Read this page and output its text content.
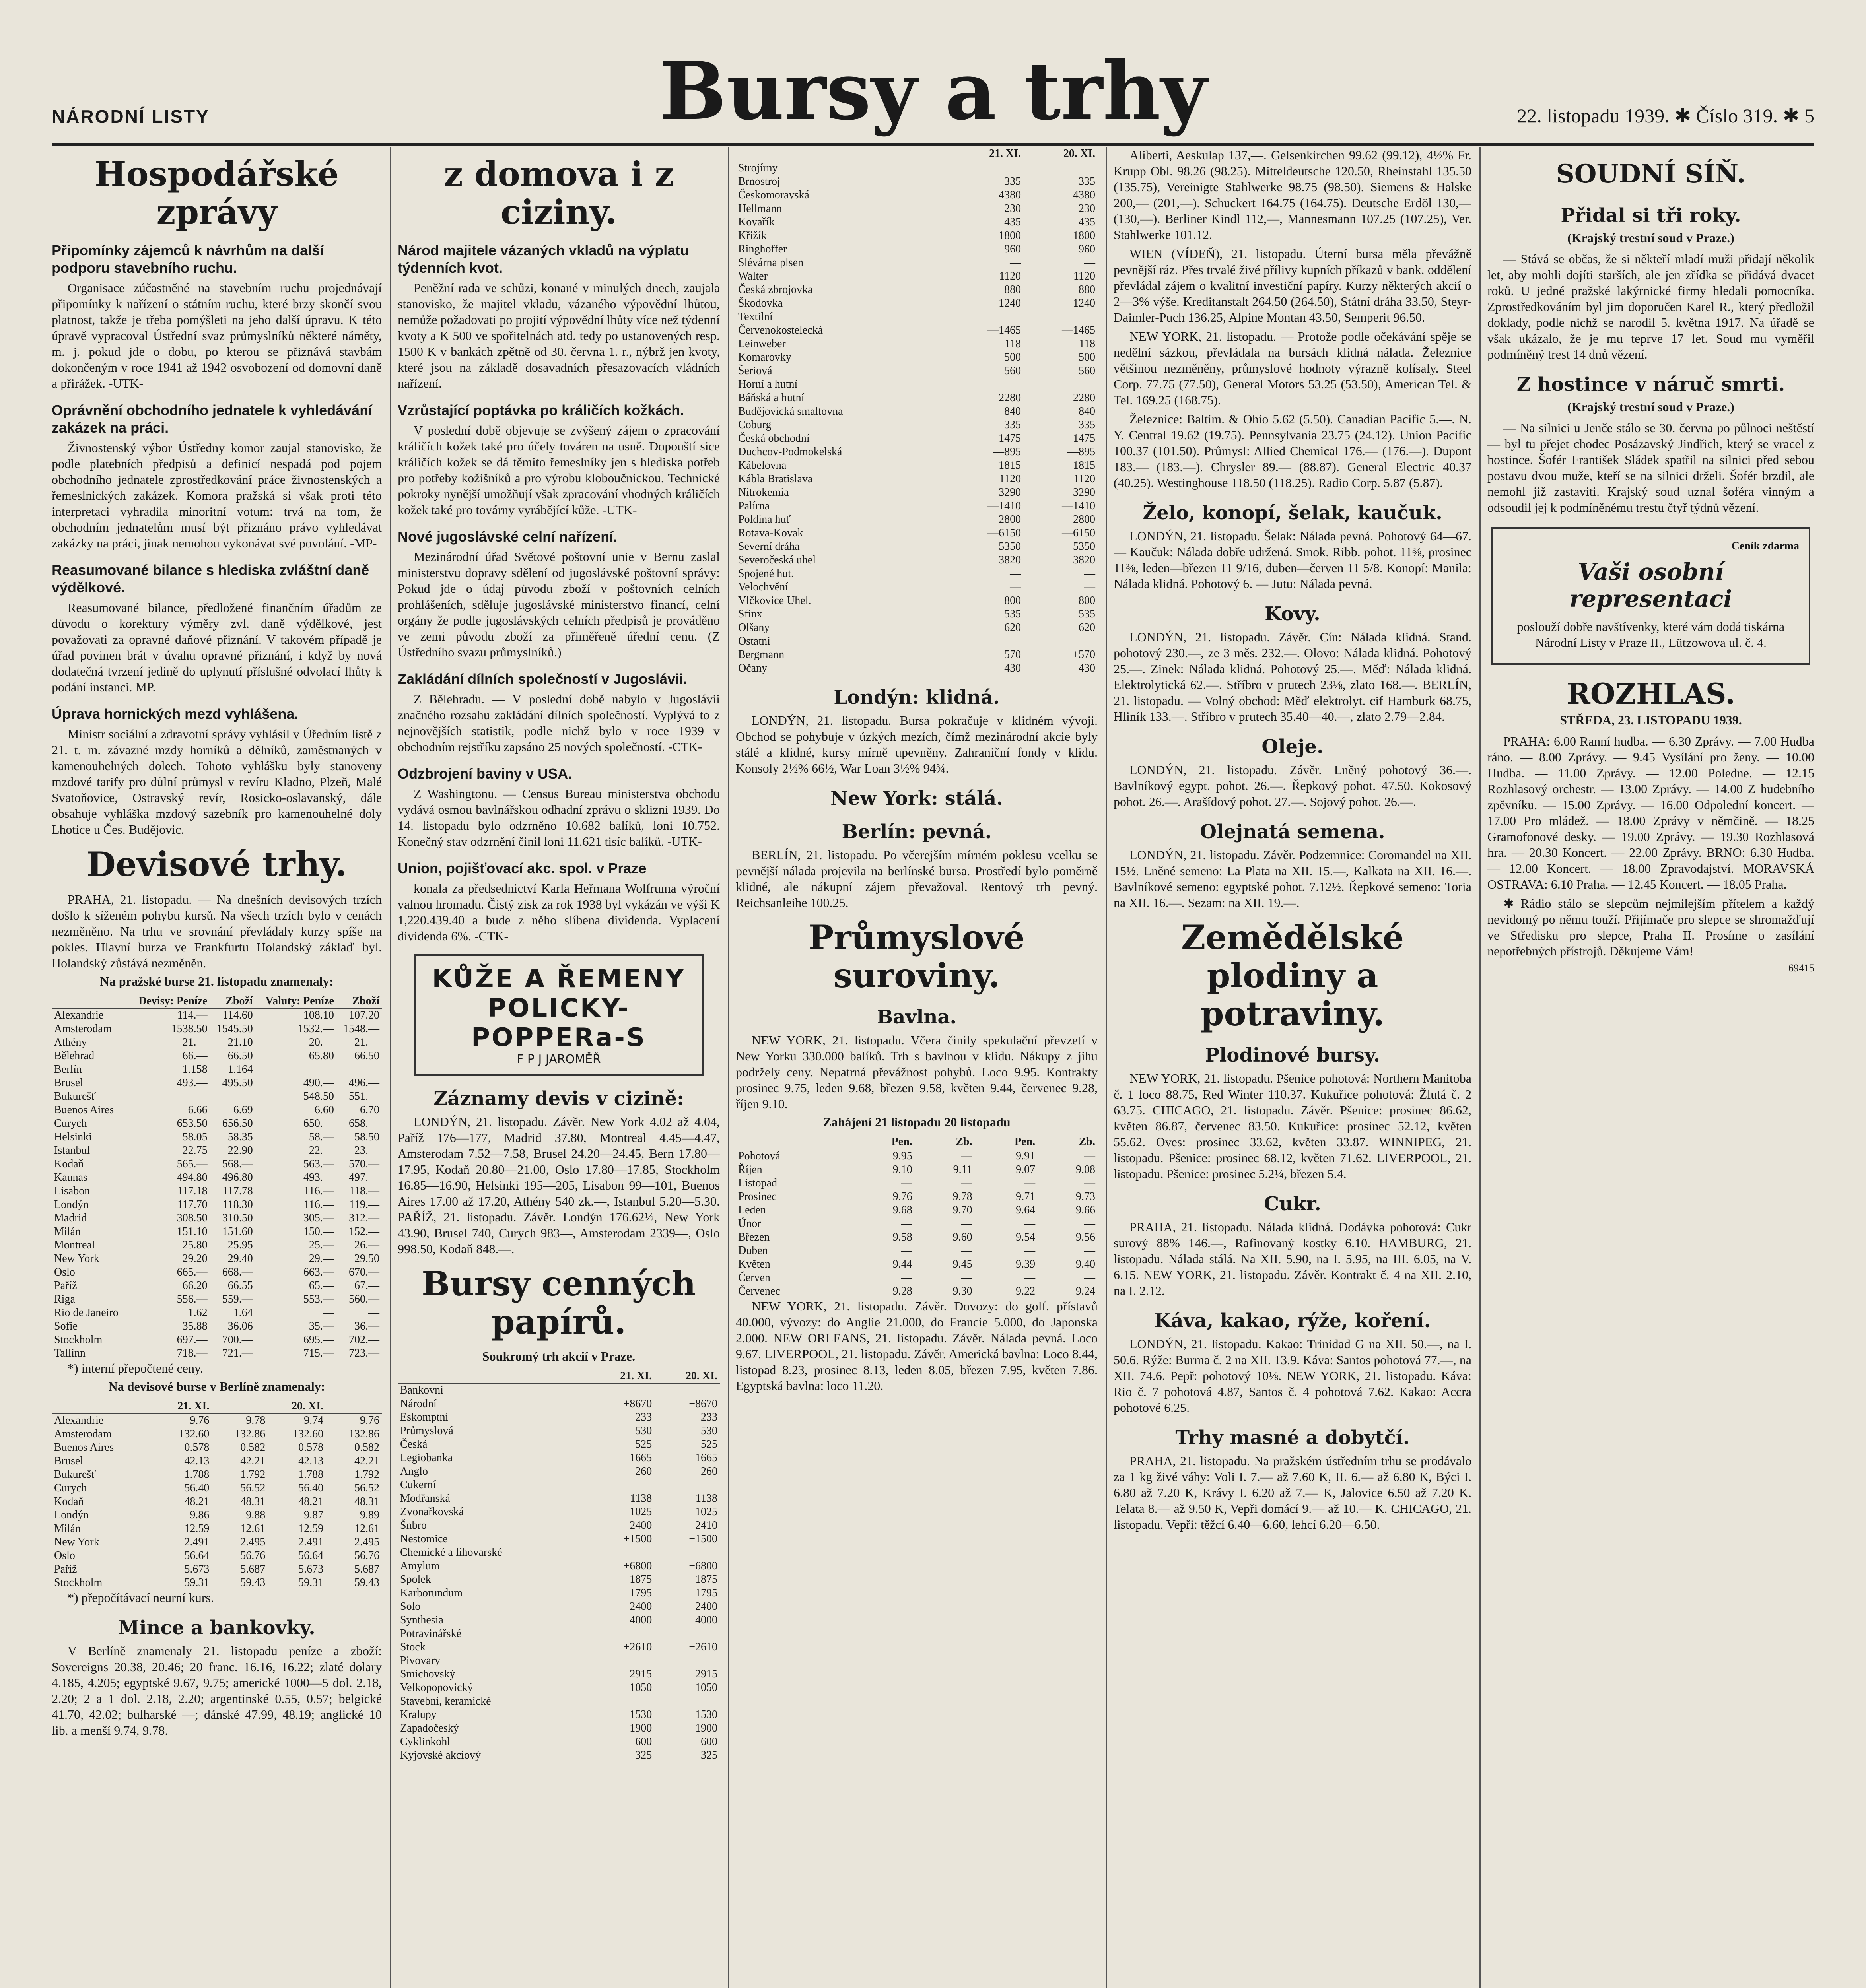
NÁRODNÍ LISTY	Bursy a trhy	22. listopadu 1939. ✱ Číslo 319. ✱ 5
Hospodářské zprávy
Připomínky zájemců k návrhům na další podporu stavebního ruchu.

Organisace zúčastněné na stavebním ruchu projednávají připomínky k nařízení o státním ruchu, které brzy skončí svou platnost, takže je třeba pomýšleti na jeho další úpravu. K této úpravě vypracoval Ústřední svaz průmyslníků některé náměty, m. j. pokud jde o dobu, po kterou se přiznává stavbám dokončeným v roce 1941 až 1942 osvobození od domovní daně a přirážek. -UTK-

Oprávnění obchodního jednatele k vyhledávání zakázek na práci.

Živnostenský výbor Ústředny komor zaujal stanovisko, že podle platebních předpisů a definicí nespadá pod pojem obchodního jednatele zprostředkování práce živnostenských a řemeslnických zakázek. Komora pražská si však proti této interpretaci vyhradila minoritní votum: trvá na tom, že obchodním jednatelům musí být přiznáno právo vyhledávat zakázky na práci, jinak nemohou vykonávat své povolání. -MP-

Reasumované bilance s hlediska zvláštní daně výdělkové.

Reasumované bilance, předložené finančním úřadům ze důvodu o korektury výměry zvl. daně výdělkové, jest považovati za opravné daňové přiznání. V takovém případě je úřad povinen brát v úvahu opravné přiznání, i když by nová dodatečná tvrzení jedině do uplynutí příslušné odvolací lhůty k podání instanci. MP.

Úprava hornických mezd vyhlášena.

Ministr sociální a zdravotní správy vyhlásil v Úředním listě z 21. t. m. závazné mzdy horníků a dělníků, zaměstnaných v kamenouhelných dolech. Tohoto vyhlášku byly stanoveny mzdové tarify pro důlní průmysl v revíru Kladno, Plzeň, Malé Svatoňovice, Ostravský revír, Rosicko-oslavanský, dále obsahuje vyhláška mzdový sazebník pro kamenouhelné doly Lhotice u Čes. Budějovic.

Devisové trhy.

PRAHA, 21. listopadu. — Na dnešních devisových trzích došlo k síženém pohybu kursů. Na všech trzích bylo v cenách nezměněno. Na trhu ve srovnání převládaly kurzy spíše na pokles. Hlavní burza ve Frankfurtu Holandský záklaď byl. Holandský zůstává nezměněn.

Na pražské burse 21. listopadu znamenaly:
	Devisy: Peníze	Zboží	Valuty: Peníze	Zboží
Alexandrie	114.—	114.60	108.10	107.20
Amsterodam	1538.50	1545.50	1532.—	1548.—
Athény	21.—	21.10	20.—	21.—
Bělehrad	66.—	66.50	65.80	66.50
Berlín	1.158	1.164	—	—
Brusel	493.—	495.50	490.—	496.—
Bukurešť	—	—	548.50	551.—
Buenos Aires	6.66	6.69	6.60	6.70
Curych	653.50	656.50	650.—	658.—
Helsinki	58.05	58.35	58.—	58.50
Istanbul	22.75	22.90	22.—	23.—
Kodaň	565.—	568.—	563.—	570.—
Kaunas	494.80	496.80	493.—	497.—
Lisabon	117.18	117.78	116.—	118.—
Londýn	117.70	118.30	116.—	119.—
Madrid	308.50	310.50	305.—	312.—
Milán	151.10	151.60	150.—	152.—
Montreal	25.80	25.95	25.—	26.—
New York	29.20	29.40	29.—	29.50
Oslo	665.—	668.—	663.—	670.—
Paříž	66.20	66.55	65.—	67.—
Riga	556.—	559.—	553.—	560.—
Rio de Janeiro	1.62	1.64	—	—
Sofie	35.88	36.06	35.—	36.—
Stockholm	697.—	700.—	695.—	702.—
Tallinn	718.—	721.—	715.—	723.—

*) interní přepočtené ceny.

Na devisové burse v Berlíně znamenaly:
	21. XI.		20. XI.	
Alexandrie	9.76	9.78	9.74	9.76
Amsterodam	132.60	132.86	132.60	132.86
Buenos Aires	0.578	0.582	0.578	0.582
Brusel	42.13	42.21	42.13	42.21
Bukurešť	1.788	1.792	1.788	1.792
Curych	56.40	56.52	56.40	56.52
Kodaň	48.21	48.31	48.21	48.31
Londýn	9.86	9.88	9.87	9.89
Milán	12.59	12.61	12.59	12.61
New York	2.491	2.495	2.491	2.495
Oslo	56.64	56.76	56.64	56.76
Paříž	5.673	5.687	5.673	5.687
Stockholm	59.31	59.43	59.31	59.43

*) přepočítávací neurní kurs.

Mince a bankovky.

V Berlíně znamenaly 21. listopadu peníze a zboží: Sovereigns 20.38, 20.46; 20 franc. 16.16, 16.22; zlaté dolary 4.185, 4.205; egyptské 9.67, 9.75; americké 1000—5 dol. 2.18, 2.20; 2 a 1 dol. 2.18, 2.20; argentinské 0.55, 0.57; belgické 41.70, 42.02; bulharské —; dánské 47.99, 48.19; anglické 10 lib. a menší 9.74, 9.78.

z domova i z ciziny.
Národ majitele vázaných vkladů na výplatu týdenních kvot.

Peněžní rada ve schůzi, konané v minulých dnech, zaujala stanovisko, že majitel vkladu, vázaného výpovědní lhůtou, nemůže požadovati po projití výpovědní lhůty více než týdenní kvoty a K 500 ve spořitelnách atd. tedy po ustanovených resp. 1500 K v bankách zpětně od 30. června 1. r., nýbrž jen kvoty, které jsou na základě dosavadních přesazovacích vládních nařízení.

Vzrůstající poptávka po králičích kožkách.

V poslední době objevuje se zvýšený zájem o zpracování králičích kožek také pro účely továren na usně. Dopouští sice králičích kožek se dá těmito řemeslníky jen s hlediska potřeb pro potřeby kožišníků a pro výrobu kloboučnickou. Technické pokroky nynější umožňují však zpracování vhodných králičích kožek také pro továrny vyrábějící kůže. -UTK-

Nové jugoslávské celní nařízení.

Mezinárodní úřad Světové poštovní unie v Bernu zaslal ministerstvu dopravy sdělení od jugoslávské poštovní správy: Pokud jde o údaj původu zboží v poštovních celních prohlášeních, sděluje jugoslávské ministerstvo financí, celní orgány že podle jugoslávských celních předpisů je prováděno ve zemi původu zboží za přiměřeně úřední cenu. (Z Ústředního svazu průmyslníků.)

Zakládání dílních společností v Jugoslávii.

Z Bělehradu. — V poslední době nabylo v Jugoslávii značného rozsahu zakládání dílních společností. Vyplývá to z nejnovějších statistik, podle nichž bylo v roce 1939 v obchodním rejstříku zapsáno 25 nových společností. -CTK-

Odzbrojení baviny v USA.

Z Washingtonu. — Census Bureau ministerstva obchodu vydává osmou bavlnářskou odhadní zprávu o sklizni 1939. Do 14. listopadu bylo odzrněno 10.682 balíků, loni 10.752. Konečný stav odzrnění činil loni 11.621 tisíc balíků. -UTK-

Union, pojišťovací akc. spol. v Praze

konala za předsednictví Karla Heřmana Wolfruma výroční valnou hromadu. Čistý zisk za rok 1938 byl vykázán ve výši K 1,220.439.40 a bude z něho slíbena dividenda. Vyplacení dividenda 6%. -CTK-

KŮŽE A ŘEMENY
POLICKY-
POPPERa-S
F P J JAROMĚŘ
Záznamy devis v cizině:

LONDÝN, 21. listopadu. Závěr. New York 4.02 až 4.04, Paříž 176—177, Madrid 37.80, Montreal 4.45—4.47, Amsterodam 7.52—7.58, Brusel 24.20—24.45, Bern 17.80—17.95, Kodaň 20.80—21.00, Oslo 17.80—17.85, Stockholm 16.85—16.90, Helsinki 195—205, Lisabon 99—101, Buenos Aires 17.00 až 17.20, Athény 540 zk.—, Istanbul 5.20—5.30. PAŘÍŽ, 21. listopadu. Závěr. Londýn 176.62½, New York 43.90, Brusel 740, Curych 983—, Amsterodam 2339—, Oslo 998.50, Kodaň 848.—.

Bursy cenných papírů.
Soukromý trh akcií v Praze.
	21. XI.	20. XI.
Bankovní		
Národní	+8670	+8670
Eskomptní	233	233
Průmyslová	530	530
Česká	525	525
Legiobanka	1665	1665
Anglo	260	260
Cukerní		
Modřanská	1138	1138
Zvonařkovská	1025	1025
Šnbro	2400	2410
Nestomice	+1500	+1500
Chemické a lihovarské		
Amylum	+6800	+6800
Spolek	1875	1875
Karborundum	1795	1795
Solo	2400	2400
Synthesia	4000	4000
Potravinářské		
Stock	+2610	+2610
Pivovary		
Smíchovský	2915	2915
Velkopopovický	1050	1050
Stavební, keramické		
Kralupy	1530	1530
Zapadočeský	1900	1900
Cyklinkohl	600	600
Kyjovské akciový	325	325
	21. XI.	20. XI.
Strojírny		
Brnostroj	335	335
Českomoravská	4380	4380
Hellmann	230	230
Kovařík	435	435
Křižík	1800	1800
Ringhoffer	960	960
Slévárna plsen	—	—
Walter	1120	1120
Česká zbrojovka	880	880
Škodovka	1240	1240
Textilní		
Červenokostelecká	—1465	—1465
Leinweber	118	118
Komarovky	500	500
Šeriová	560	560
Horní a hutní		
Báňská a hutní	2280	2280
Budějovická smaltovna	840	840
Coburg	335	335
Česká obchodní	—1475	—1475
Duchcov-Podmokelská	—895	—895
Kábelovna	1815	1815
Kábla Bratislava	1120	1120
Nitrokemia	3290	3290
Palírna	—1410	—1410
Poldina huť	2800	2800
Rotava-Kovak	—6150	—6150
Severní dráha	5350	5350
Severočeská uhel	3820	3820
Spojené hut.	—	—
Velochvění	—	—
Vlčkovice Uhel.	800	800
Sfinx	535	535
Olšany	620	620
Ostatní		
Bergmann	+570	+570
Očany	430	430
Londýn: klidná.

LONDÝN, 21. listopadu. Bursa pokračuje v klidném vývoji. Obchod se pohybuje v úzkých mezích, čímž mezinárodní akcie byly stálé a klidné, kursy mírně upevněny. Zahraniční fondy v klidu. Konsoly 2½% 66½, War Loan 3½% 94¾.

New York: stálá.
Berlín: pevná.

BERLÍN, 21. listopadu. Po včerejším mírném poklesu vcelku se pevnější nálada projevila na berlínské bursa. Prostředí bylo poměrně klidné, ale nákupní zájem převažoval. Rentový trh pevný. Reichsanleihe 100.25.

Průmyslové suroviny.
Bavlna.

NEW YORK, 21. listopadu. Včera činily spekulační převzetí v New Yorku 330.000 balíků. Trh s bavlnou v klidu. Nákupy z jihu podržely ceny. Nepatrná převážnost pohybů. Loco 9.95. Kontrakty prosinec 9.75, leden 9.68, březen 9.58, květen 9.44, červenec 9.28, říjen 9.10.

Zahájení 21 listopadu 20 listopadu
	Pen.	Zb.	Pen.	Zb.
Pohotová	9.95	—	9.91	—
Říjen	9.10	9.11	9.07	9.08
Listopad	—	—	—	—
Prosinec	9.76	9.78	9.71	9.73
Leden	9.68	9.70	9.64	9.66
Únor	—	—	—	—
Březen	9.58	9.60	9.54	9.56
Duben	—	—	—	—
Květen	9.44	9.45	9.39	9.40
Červen	—	—	—	—
Červenec	9.28	9.30	9.22	9.24

NEW YORK, 21. listopadu. Závěr. Dovozy: do golf. přístavů 40.000, vývozy: do Anglie 21.000, do Francie 5.000, do Japonska 2.000. NEW ORLEANS, 21. listopadu. Závěr. Nálada pevná. Loco 9.67. LIVERPOOL, 21. listopadu. Závěr. Americká bavlna: Loco 8.44, listopad 8.23, prosinec 8.13, leden 8.05, březen 7.95, květen 7.86. Egyptská bavlna: loco 11.20.

Aliberti, Aeskulap 137,—. Gelsenkirchen 99.62 (99.12), 4½% Fr. Krupp Obl. 98.26 (98.25). Mitteldeutsche 120.50, Rheinstahl 135.50 (135.75), Vereinigte Stahlwerke 98.75 (98.50). Siemens & Halske 200,— (201,—). Schuckert 164.75 (164.75). Deutsche Erdöl 130,— (130,—). Berliner Kindl 112,—, Mannesmann 107.25 (107.25), Ver. Stahlwerke 101.12.

WIEN (VÍDEŇ), 21. listopadu. Úterní bursa měla převážně pevnější ráz. Přes trvalé živé přílivy kupních příkazů v bank. oddělení převládal zájem o kvalitní investiční papíry. Kurzy některých akcií o 2—3% výše. Kreditanstalt 264.50 (264.50), Státní dráha 33.50, Steyr-Daimler-Puch 136.25, Alpine Montan 43.50, Semperit 96.50.

NEW YORK, 21. listopadu. — Protože podle očekávání spěje se nedělní sázkou, převládala na bursách klidná nálada. Železnice většinou nezměněny, průmyslové hodnoty výrazně kolísaly. Steel Corp. 77.75 (77.50), General Motors 53.25 (53.50), American Tel. & Tel. 169.25 (168.75).

Železnice: Baltim. & Ohio 5.62 (5.50). Canadian Pacific 5.—. N. Y. Central 19.62 (19.75). Pennsylvania 23.75 (24.12). Union Pacific 100.37 (101.50). Průmysl: Allied Chemical 176.— (176.—). Dupont 183.— (183.—). Chrysler 89.— (88.87). General Electric 40.37 (40.25). Westinghouse 118.50 (118.25). Radio Corp. 5.87 (5.87).

Želo, konopí, šelak, kaučuk.

LONDÝN, 21. listopadu. Šelak: Nálada pevná. Pohotový 64—67. — Kaučuk: Nálada dobře udržená. Smok. Ribb. pohot. 11⅜, prosinec 11⅜, leden—březen 11 9/16, duben—červen 11 5/8. Konopí: Manila: Nálada klidná. Pohotový 6. — Jutu: Nálada pevná.

Kovy.

LONDÝN, 21. listopadu. Závěr. Cín: Nálada klidná. Stand. pohotový 230.—, ze 3 měs. 232.—. Olovo: Nálada klidná. Pohotový 25.—. Zinek: Nálada klidná. Pohotový 25.—. Měď: Nálada klidná. Elektrolytická 62.—. Stříbro v prutech 23⅛, zlato 168.—. BERLÍN, 21. listopadu. — Volný obchod: Měď elektrolyt. cif Hamburk 68.75, Hliník 133.—. Stříbro v prutech 35.40—40.—, zlato 2.79—2.84.

Oleje.

LONDÝN, 21. listopadu. Závěr. Lněný pohotový 36.—. Bavlníkový egypt. pohot. 26.—. Řepkový pohot. 47.50. Kokosový pohot. 26.—. Arašídový pohot. 27.—. Sojový pohot. 26.—.

Olejnatá semena.

LONDÝN, 21. listopadu. Závěr. Podzemnice: Coromandel na XII. 15½. Lněné semeno: La Plata na XII. 15.—, Kalkata na XII. 16.—. Bavlníkové semeno: egyptské pohot. 7.12½. Řepkové semeno: Toria na XII. 16.—. Sezam: na XII. 19.—.

Zemědělské plodiny a potraviny.
Plodinové bursy.

NEW YORK, 21. listopadu. Pšenice pohotová: Northern Manitoba č. 1 loco 88.75, Red Winter 110.37. Kukuřice pohotová: Žlutá č. 2 63.75. CHICAGO, 21. listopadu. Závěr. Pšenice: prosinec 86.62, květen 86.87, červenec 83.50. Kukuřice: prosinec 52.12, květen 55.62. Oves: prosinec 33.62, květen 33.87. WINNIPEG, 21. listopadu. Pšenice: prosinec 68.12, květen 71.62. LIVERPOOL, 21. listopadu. Pšenice: prosinec 5.2¼, březen 5.4.

Cukr.

PRAHA, 21. listopadu. Nálada klidná. Dodávka pohotová: Cukr surový 88% 146.—, Rafinovaný kostky 6.10. HAMBURG, 21. listopadu. Nálada stálá. Na XII. 5.90, na I. 5.95, na III. 6.05, na V. 6.15. NEW YORK, 21. listopadu. Závěr. Kontrakt č. 4 na XII. 2.10, na I. 2.12.

Káva, kakao, rýže, koření.

LONDÝN, 21. listopadu. Kakao: Trinidad G na XII. 50.—, na I. 50.6. Rýže: Burma č. 2 na XII. 13.9. Káva: Santos pohotová 77.—, na XII. 74.6. Pepř: pohotový 10⅛. NEW YORK, 21. listopadu. Káva: Rio č. 7 pohotová 4.87, Santos č. 4 pohotová 7.62. Kakao: Accra pohotové 6.25.

Trhy masné a dobytčí.

PRAHA, 21. listopadu. Na pražském ústředním trhu se prodávalo za 1 kg živé váhy: Voli I. 7.— až 7.60 K, II. 6.— až 6.80 K, Býci I. 6.80 až 7.20 K, Krávy I. 6.20 až 7.— K, Jalovice 6.50 až 7.20 K. Telata 8.— až 9.50 K, Vepři domácí 9.— až 10.— K. CHICAGO, 21. listopadu. Vepři: těžcí 6.40—6.60, lehcí 6.20—6.50.

SOUDNÍ SÍŇ.
Přidal si tři roky.
(Krajský trestní soud v Praze.)

— Stává se občas, že si někteří mladí muži přidají několik let, aby mohli dojíti starších, ale jen zřídka se přidává dvacet roků. U jedné pražské lakýrnické firmy hledali pomocníka. Zprostředkováním byl jim doporučen Karel R., který předložil doklady, podle nichž se narodil 5. května 1917. Na úřadě se však ukázalo, že je mu teprve 17 let. Soud mu vyměřil podmíněný trest 14 dnů vězení.

Z hostince v náruč smrti.
(Krajský trestní soud v Praze.)

— Na silnici u Jenče stálo se 30. června po půlnoci neštěstí — byl tu přejet chodec Posázavský Jindřich, který se vracel z hostince. Šofér František Sládek spatřil na silnici před sebou postavu dvou muže, kteří se na silnici drželi. Šofér brzdil, ale nemohl již zastaviti. Krajský soud uznal šoféra vinným a odsoudil jej k podmíněnému trestu čtyř týdnů vězení.

Ceník zdarma
Vaši osobní representaci

poslouží dobře navštívenky, které vám dodá tiskárna Národní Listy v Praze II., Lützowova ul. č. 4.

ROZHLAS.
STŘEDA, 23. LISTOPADU 1939.

PRAHA: 6.00 Ranní hudba. — 6.30 Zprávy. — 7.00 Hudba ráno. — 8.00 Zprávy. — 9.45 Vysílání pro ženy. — 10.00 Hudba. — 11.00 Zprávy. — 12.00 Poledne. — 12.15 Rozhlasový orchestr. — 13.00 Zprávy. — 14.00 Z hudebního zpěvníku. — 15.00 Zprávy. — 16.00 Odpolední koncert. — 17.00 Pro mládež. — 18.00 Zprávy v němčině. — 18.25 Gramofonové desky. — 19.00 Zprávy. — 19.30 Rozhlasová hra. — 20.30 Koncert. — 22.00 Zprávy. BRNO: 6.30 Hudba. — 12.00 Koncert. — 18.00 Zpravodajství. MORAVSKÁ OSTRAVA: 6.10 Praha. — 12.45 Koncert. — 18.05 Praha.

✱ Rádio stálo se slepcům nejmilejším přítelem a každý nevidomý po němu touží. Přijímače pro slepce se shromažďují ve Středisku pro slepce, Praha II. Prosíme o zasílání nepotřebných přístrojů. Děkujeme Vám!

69415
